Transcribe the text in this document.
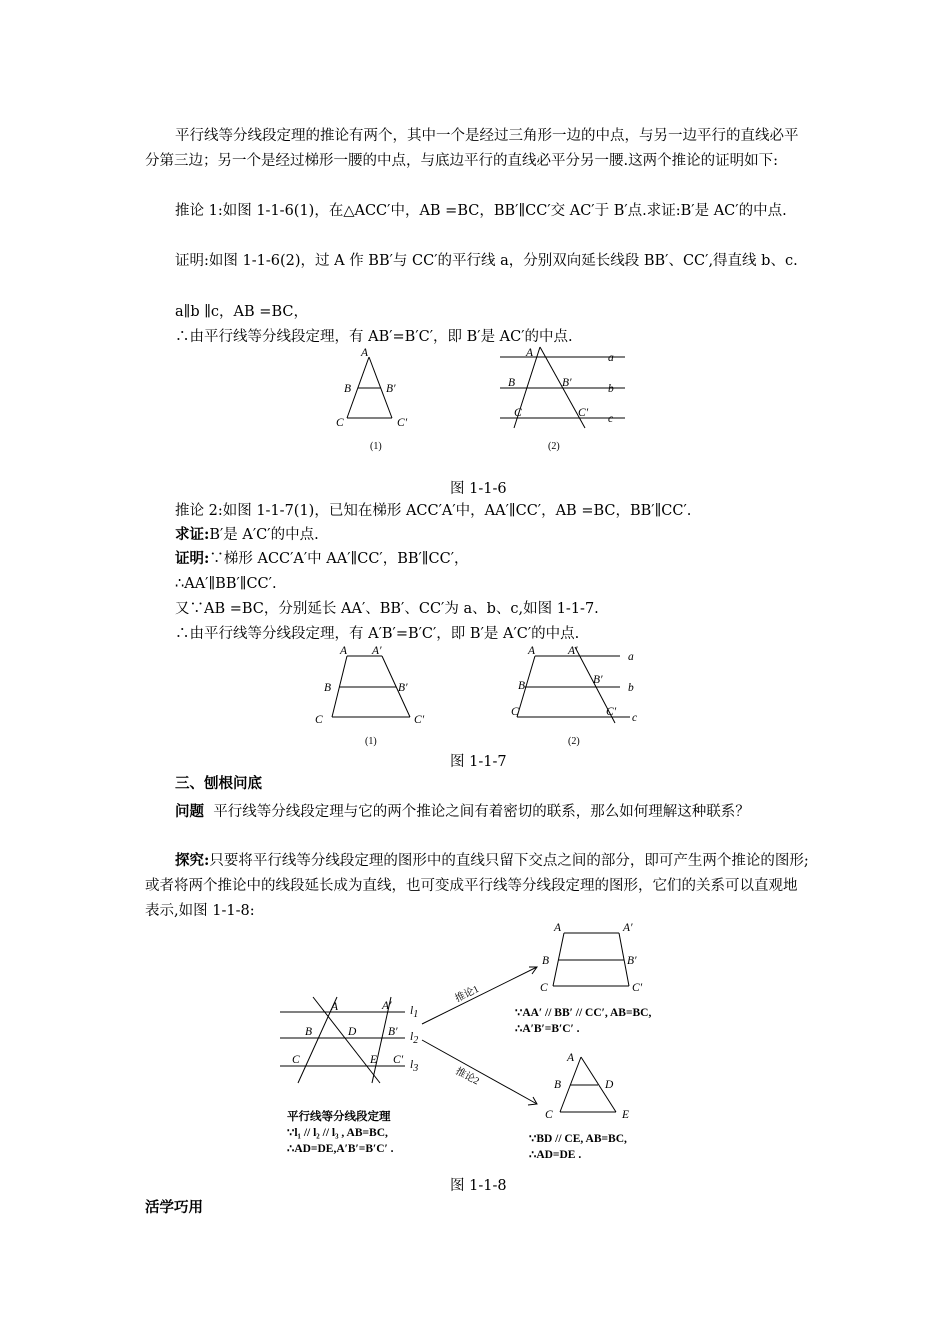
平行线等分线段定理的推论有两个，其中一个是经过三角形一边的中点，与另一边平行的直线必平分第三边；另一个是经过梯形一腰的中点，与底边平行的直线必平分另一腰.这两个推论的证明如下:
推论 1:如图 1-1-6(1)，在△ACC′中，AB =BC，BB′∥CC′交 AC′于 B′点.求证:B′是 AC′的中点.
证明:如图 1-1-6(2)，过 A 作 BB′与 CC′的平行线 a，分别双向延长线段 BB′、CC′,得直线 b、c.
a∥b ∥c，AB =BC，
∴由平行线等分线段定理，有 AB′=B′C′，即 B′是 AC′的中点.
A
B	B′
C	C′
A
B	B′
C	C′
a
b
c
(1)	(2)
图 1-1-6
推论 2:如图 1-1-7(1)，已知在梯形 ACC′A′中，AA′∥CC′，AB =BC，BB′∥CC′.
求证:B′是 A′C′的中点.
证明:∵梯形 ACC′A′中 AA′∥CC′，BB′∥CC′，
∴AA′∥BB′∥CC′.
又∵AB =BC，分别延长 AA′、BB′、CC′为 a、b、c,如图 1-1-7.
∴由平行线等分线段定理，有 A′B′=B′C′，即 B′是 A′C′的中点.
A A′
B	B′
C	C′
A	A′
B	B′
C	C′
a
b
c
(1)	(2)
图 1-1-7
三、刨根问底
问题 平行线等分线段定理与它的两个推论之间有着密切的联系，那么如何理解这种联系？
探究:只要将平行线等分线段定理的图形中的直线只留下交点之间的部分，即可产生两个推论的图形;或者将两个推论中的线段延长成为直线，也可变成平行线等分线段定理的图形，它们的关系可以直观地表示,如图 1-1-8:
A	A′
B	D	B′
C	E C′
l1
l2
l3
推论1
推论2
A	A′
B	B′
C	C′
∵AA′ // BB′ // CC′, AB=BC,
∴A′B′=B′C′ .
A
B	D
C	E
∵BD // CE, AB=BC,
∴AD=DE .
平行线等分线段定理
∵l₁ // l₂ // l₃ , AB=BC,
∴AD=DE,A′B′=B′C′ .
图 1-1-8
活学巧用
